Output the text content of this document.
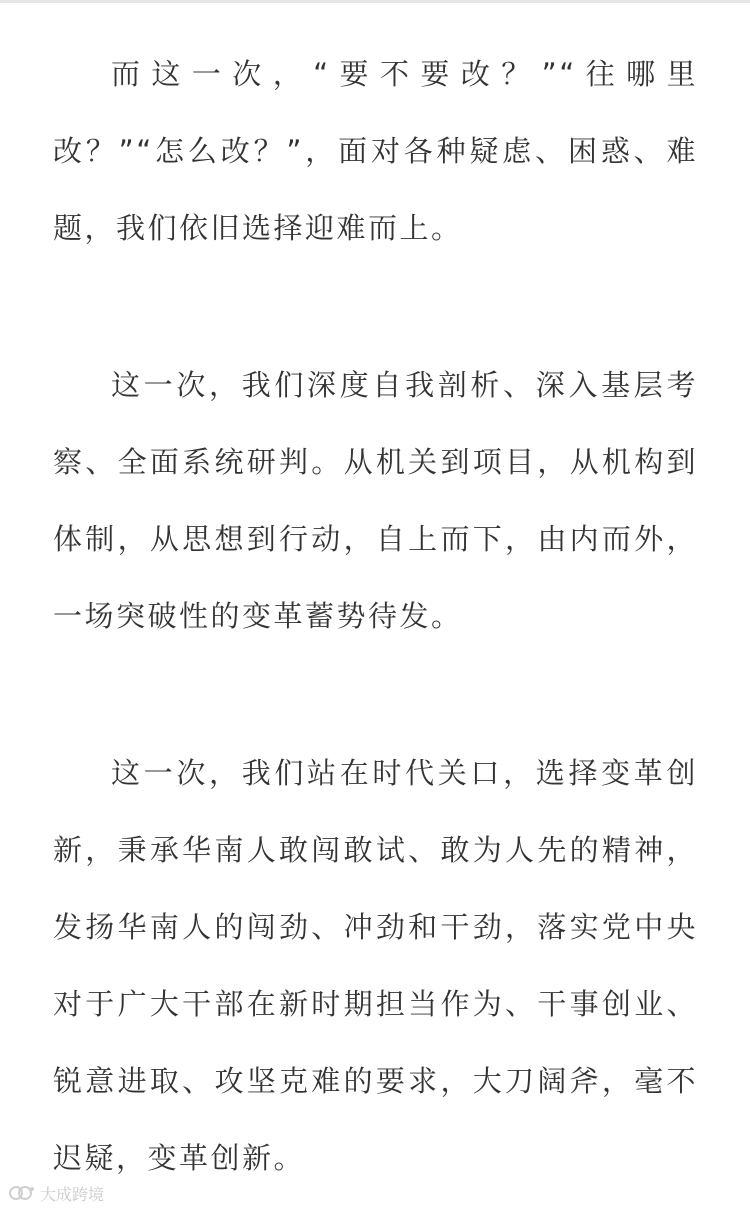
而这一次，“要不要改？”“往哪里改？”“怎么改？”，面对各种疑虑、困惑、难题，我们依旧选择迎难而上。

这一次，我们深度自我剖析、深入基层考察、全面系统研判。从机关到项目，从机构到体制，从思想到行动，自上而下，由内而外，一场突破性的变革蓄势待发。

这一次，我们站在时代关口，选择变革创新，秉承华南人敢闯敢试、敢为人先的精神，发扬华南人的闯劲、冲劲和干劲，落实党中央对于广大干部在新时期担当作为、干事创业、锐意进取、攻坚克难的要求，大刀阔斧，毫不迟疑，变革创新。

大成跨境
